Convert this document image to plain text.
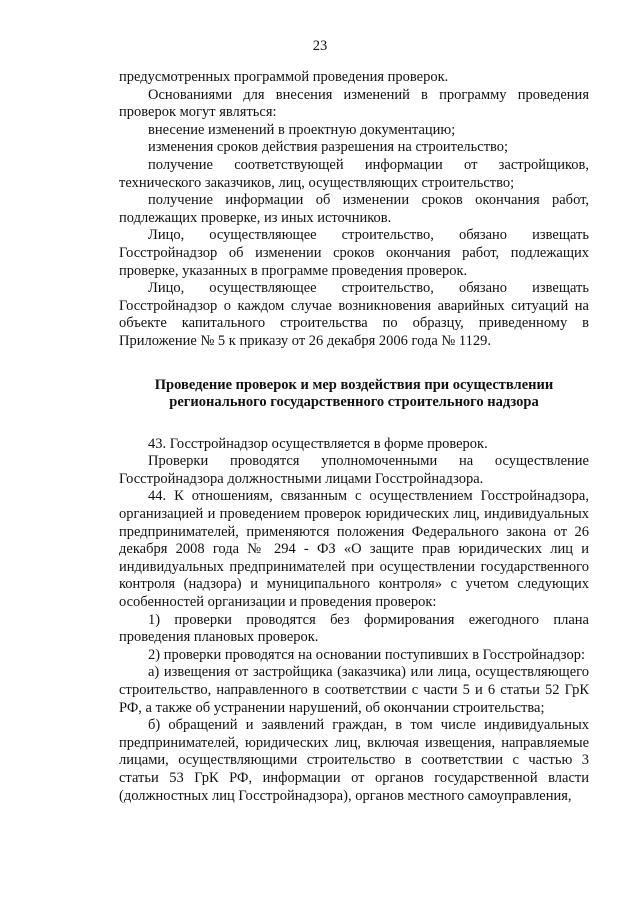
23

предусмотренных программой проведения проверок.

Основаниями для внесения изменений в программу проведения проверок могут являться:

внесение изменений в проектную документацию;

изменения сроков действия разрешения на строительство;

получение соответствующей информации от застройщиков, технического заказчиков, лиц, осуществляющих строительство;

получение информации об изменении сроков окончания работ, подлежащих проверке, из иных источников.

Лицо, осуществляющее строительство, обязано извещать Госстройнадзор об изменении сроков окончания работ, подлежащих проверке, указанных в программе проведения проверок.

Лицо, осуществляющее строительство, обязано извещать Госстройнадзор о каждом случае возникновения аварийных ситуаций на объекте капитального строительства по образцу, приведенному в Приложение № 5 к приказу от 26 декабря 2006 года № 1129.

Проведение проверок и мер воздействия при осуществлении

регионального государственного строительного надзора

43. Госстройнадзор осуществляется в форме проверок.

Проверки проводятся уполномоченными на осуществление Госстройнадзора должностными лицами Госстройнадзора.

44. К отношениям, связанным с осуществлением Госстройнадзора, организацией и проведением проверок юридических лиц, индивидуальных предпринимателей, применяются положения Федерального закона от 26 декабря 2008 года № 294 - ФЗ «О защите прав юридических лиц и индивидуальных предпринимателей при осуществлении государственного контроля (надзора) и муниципального контроля» с учетом следующих особенностей организации и проведения проверок:

1) проверки проводятся без формирования ежегодного плана проведения плановых проверок.

2) проверки проводятся на основании поступивших в Госстройнадзор:

а) извещения от застройщика (заказчика) или лица, осуществляющего строительство, направленного в соответствии с части 5 и 6 статьи 52 ГрК РФ, а также об устранении нарушений, об окончании строительства;

б) обращений и заявлений граждан, в том числе индивидуальных предпринимателей, юридических лиц, включая извещения, направляемые лицами, осуществляющими строительство в соответствии с частью 3 статьи 53 ГрК РФ, информации от органов государственной власти (должностных лиц Госстройнадзора), органов местного самоуправления,
